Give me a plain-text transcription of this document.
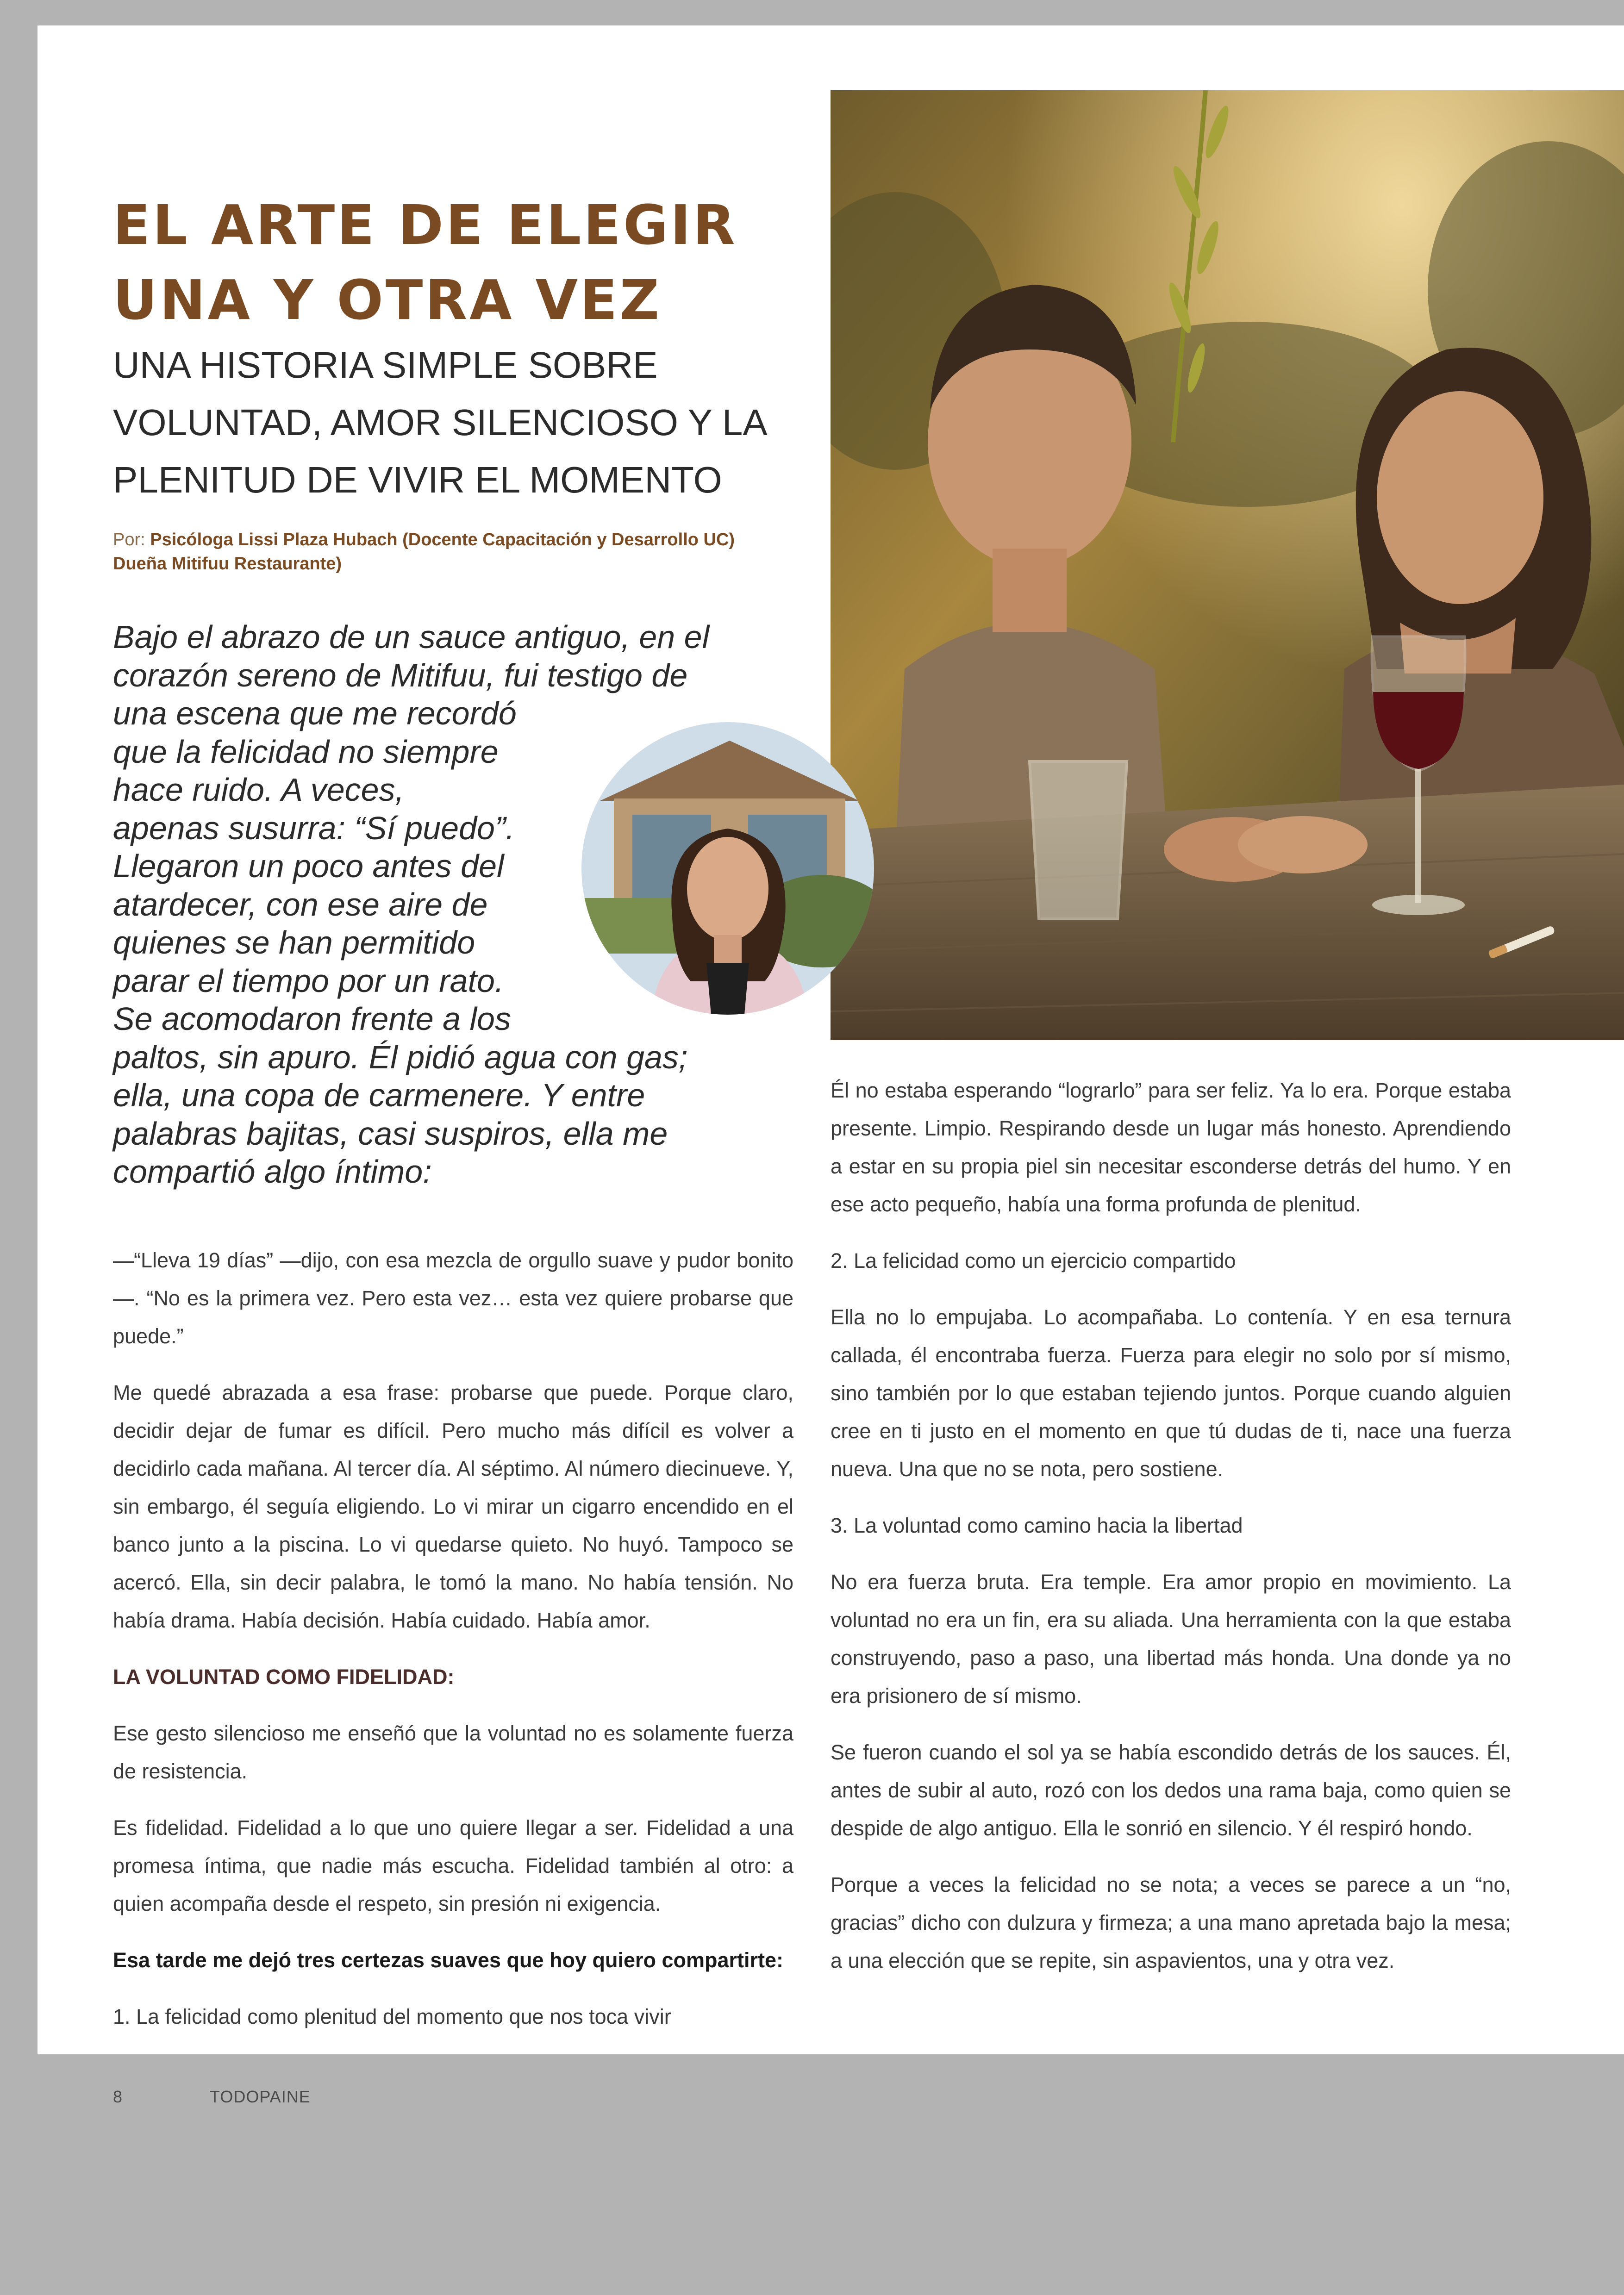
EL ARTE DE ELEGIR
UNA Y OTRA VEZ
UNA HISTORIA SIMPLE SOBRE
VOLUNTAD, AMOR SILENCIOSO Y LA
PLENITUD DE VIVIR EL MOMENTO
Por: Psicóloga Lissi Plaza Hubach (Docente Capacitación y Desarrollo UC)
Dueña Mitifuu Restaurante)
Bajo el abrazo de un sauce antiguo, en el
corazón sereno de Mitifuu, fui testigo de
una escena que me recordó
que la felicidad no siempre
hace ruido. A veces,
apenas susurra: “Sí puedo”.
Llegaron un poco antes del
atardecer, con ese aire de
quienes se han permitido
parar el tiempo por un rato.
Se acomodaron frente a los
paltos, sin apuro. Él pidió agua con gas;
ella, una copa de carmenere. Y entre
palabras bajitas, casi suspiros, ella me
compartió algo íntimo:

—“Lleva 19 días” —dijo, con esa mezcla de orgullo suave y pudor bonito—. “No es la primera vez. Pero esta vez… esta vez quiere probarse que puede.”

Me quedé abrazada a esa frase: probarse que puede. Porque claro, decidir dejar de fumar es difícil. Pero mucho más difícil es volver a decidirlo cada mañana. Al tercer día. Al séptimo. Al número diecinueve. Y, sin embargo, él seguía eligiendo. Lo vi mirar un cigarro encendido en el banco junto a la piscina. Lo vi quedarse quieto. No huyó. Tampoco se acercó. Ella, sin decir palabra, le tomó la mano. No había tensión. No había drama. Había decisión. Había cuidado. Había amor.

LA VOLUNTAD COMO FIDELIDAD:

Ese gesto silencioso me enseñó que la voluntad no es solamente fuerza de resistencia.

Es fidelidad. Fidelidad a lo que uno quiere llegar a ser. Fidelidad a una promesa íntima, que nadie más escucha. Fidelidad también al otro: a quien acompaña desde el respeto, sin presión ni exigencia.

Esa tarde me dejó tres certezas suaves que hoy quiero compartirte:

1. La felicidad como plenitud del momento que nos toca vivir

Él no estaba esperando “lograrlo” para ser feliz. Ya lo era. Porque estaba presente. Limpio. Respirando desde un lugar más honesto. Aprendiendo a estar en su propia piel sin necesitar esconderse detrás del humo. Y en ese acto pequeño, había una forma profunda de plenitud.

2. La felicidad como un ejercicio compartido

Ella no lo empujaba. Lo acompañaba. Lo contenía. Y en esa ternura callada, él encontraba fuerza. Fuerza para elegir no solo por sí mismo, sino también por lo que estaban tejiendo juntos. Porque cuando alguien cree en ti justo en el momento en que tú dudas de ti, nace una fuerza nueva. Una que no se nota, pero sostiene.

3. La voluntad como camino hacia la libertad

No era fuerza bruta. Era temple. Era amor propio en movimiento. La voluntad no era un fin, era su aliada. Una herramienta con la que estaba construyendo, paso a paso, una libertad más honda. Una donde ya no era prisionero de sí mismo.

Se fueron cuando el sol ya se había escondido detrás de los sauces. Él, antes de subir al auto, rozó con los dedos una rama baja, como quien se despide de algo antiguo. Ella le sonrió en silencio. Y él respiró hondo.

Porque a veces la felicidad no se nota; a veces se parece a un “no, gracias” dicho con dulzura y firmeza; a una mano apretada bajo la mesa; a una elección que se repite, sin aspavientos, una y otra vez.

8	TODOPAINE
